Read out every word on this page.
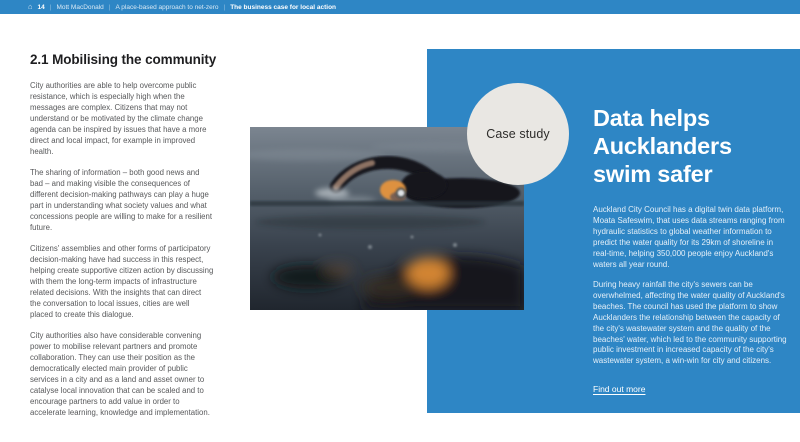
⌂ 14 | Mott MacDonald | A place-based approach to net-zero | The business case for local action
2.1 Mobilising the community

City authorities are able to help overcome public resistance, which is especially high when the messages are complex. Citizens that may not understand or be motivated by the climate change agenda can be inspired by issues that have a more direct and local impact, for example in improved health.

The sharing of information – both good news and bad – and making visible the consequences of different decision-making pathways can play a huge part in understanding what society values and what concessions people are willing to make for a resilient future.

Citizens' assemblies and other forms of participatory decision-making have had success in this respect, helping create supportive citizen action by discussing with them the long-term impacts of infrastructure related decisions. With the insights that can direct the conversation to local issues, cities are well placed to create this dialogue.

City authorities also have considerable convening power to mobilise relevant partners and promote collaboration. They can use their position as the democratically elected main provider of public services in a city and as a land and asset owner to catalyse local innovation that can be scaled and to encourage partners to add value in order to accelerate learning, knowledge and implementation.

Case study
Data helps Aucklanders swim safer

Auckland City Council has a digital twin data platform, Moata Safeswim, that uses data streams ranging from hydraulic statistics to global weather information to predict the water quality for its 29km of shoreline in real-time, helping 350,000 people enjoy Auckland's waters all year round.

During heavy rainfall the city's sewers can be overwhelmed, affecting the water quality of Auckland's beaches. The council has used the platform to show Aucklanders the relationship between the capacity of the city's wastewater system and the quality of the beaches' water, which led to the community supporting public investment in increased capacity of the city's wastewater system, a win-win for city and citizens.

Find out more
